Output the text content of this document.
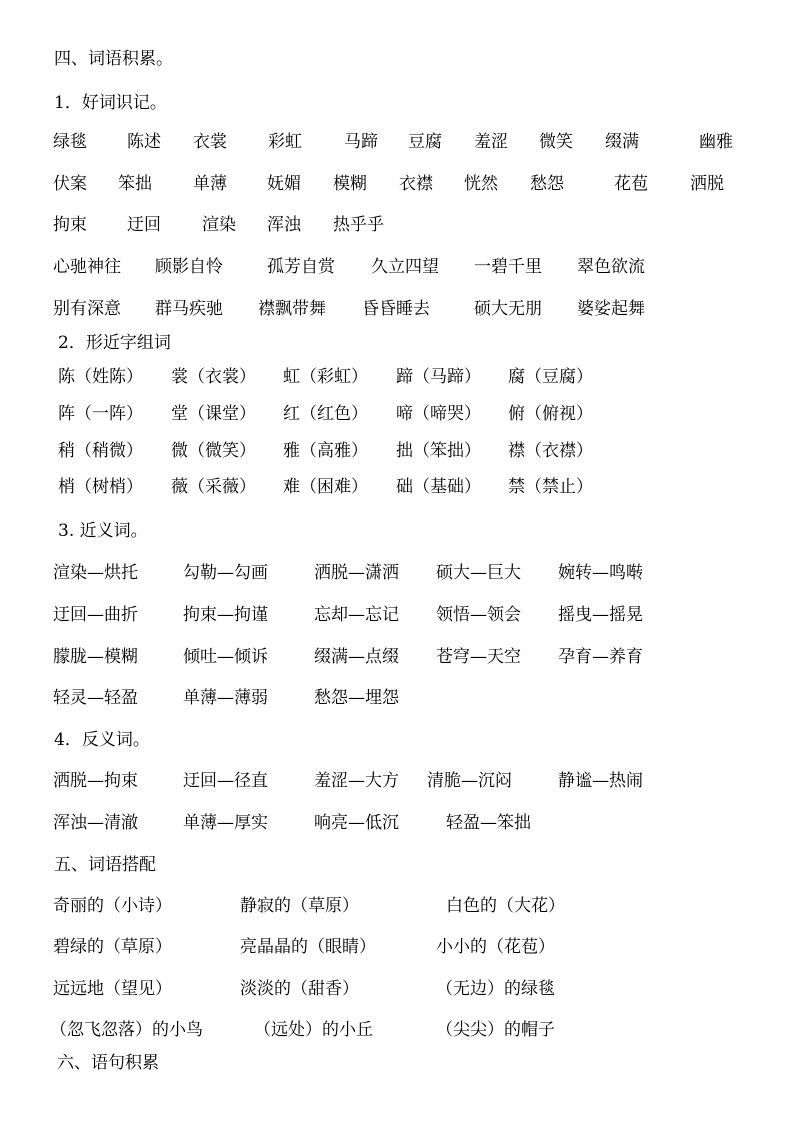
四、词语积累。
1．好词识记。
绿毯 陈述 衣裳 彩虹 马蹄 豆腐 羞涩 微笑 缀满	幽雅
伏案 笨拙 单薄 妩媚 模糊 衣襟 恍然 愁怨	花苞 洒脱
拘束 迂回 渲染 浑浊 热乎乎
心驰神往 顾影自怜	孤芳自赏 久立四望 一碧千里 翠色欲流
别有深意 群马疾驰 襟飘带舞 昏昏睡去	硕大无朋 婆娑起舞
2．形近字组词
陈（姓陈） 裳（衣裳） 虹（彩虹） 蹄（马蹄） 腐（豆腐）
阵（一阵） 堂（课堂） 红（红色） 啼（啼哭） 俯（俯视）
稍（稍微） 微（微笑） 雅（高雅） 拙（笨拙） 襟（衣襟）
梢（树梢） 薇（采薇） 难（困难） 础（基础） 禁（禁止）
3. 近义词。
渲染—烘托	勾勒—勾画	洒脱—潇洒 硕大—巨大 婉转—鸣啭
迂回—曲折	拘束—拘谨	忘却—忘记 领悟—领会 摇曳—摇晃
朦胧—模糊	倾吐—倾诉	缀满—点缀 苍穹—天空 孕育—养育
轻灵—轻盈	单薄—薄弱	愁怨—埋怨
4．反义词。
洒脱—拘束	迂回—径直	羞涩—大方 清脆—沉闷	静谧—热闹
浑浊—清澈	单薄—厚实	响亮—低沉	轻盈—笨拙
五、词语搭配
奇丽的（小诗）	静寂的（草原）	白色的（大花）
碧绿的（草原）	亮晶晶的（眼睛）	小小的（花苞）
远远地（望见）	淡淡的（甜香）	（无边）的绿毯
（忽飞忽落）的小鸟	（远处）的小丘	（尖尖）的帽子
六、语句积累
